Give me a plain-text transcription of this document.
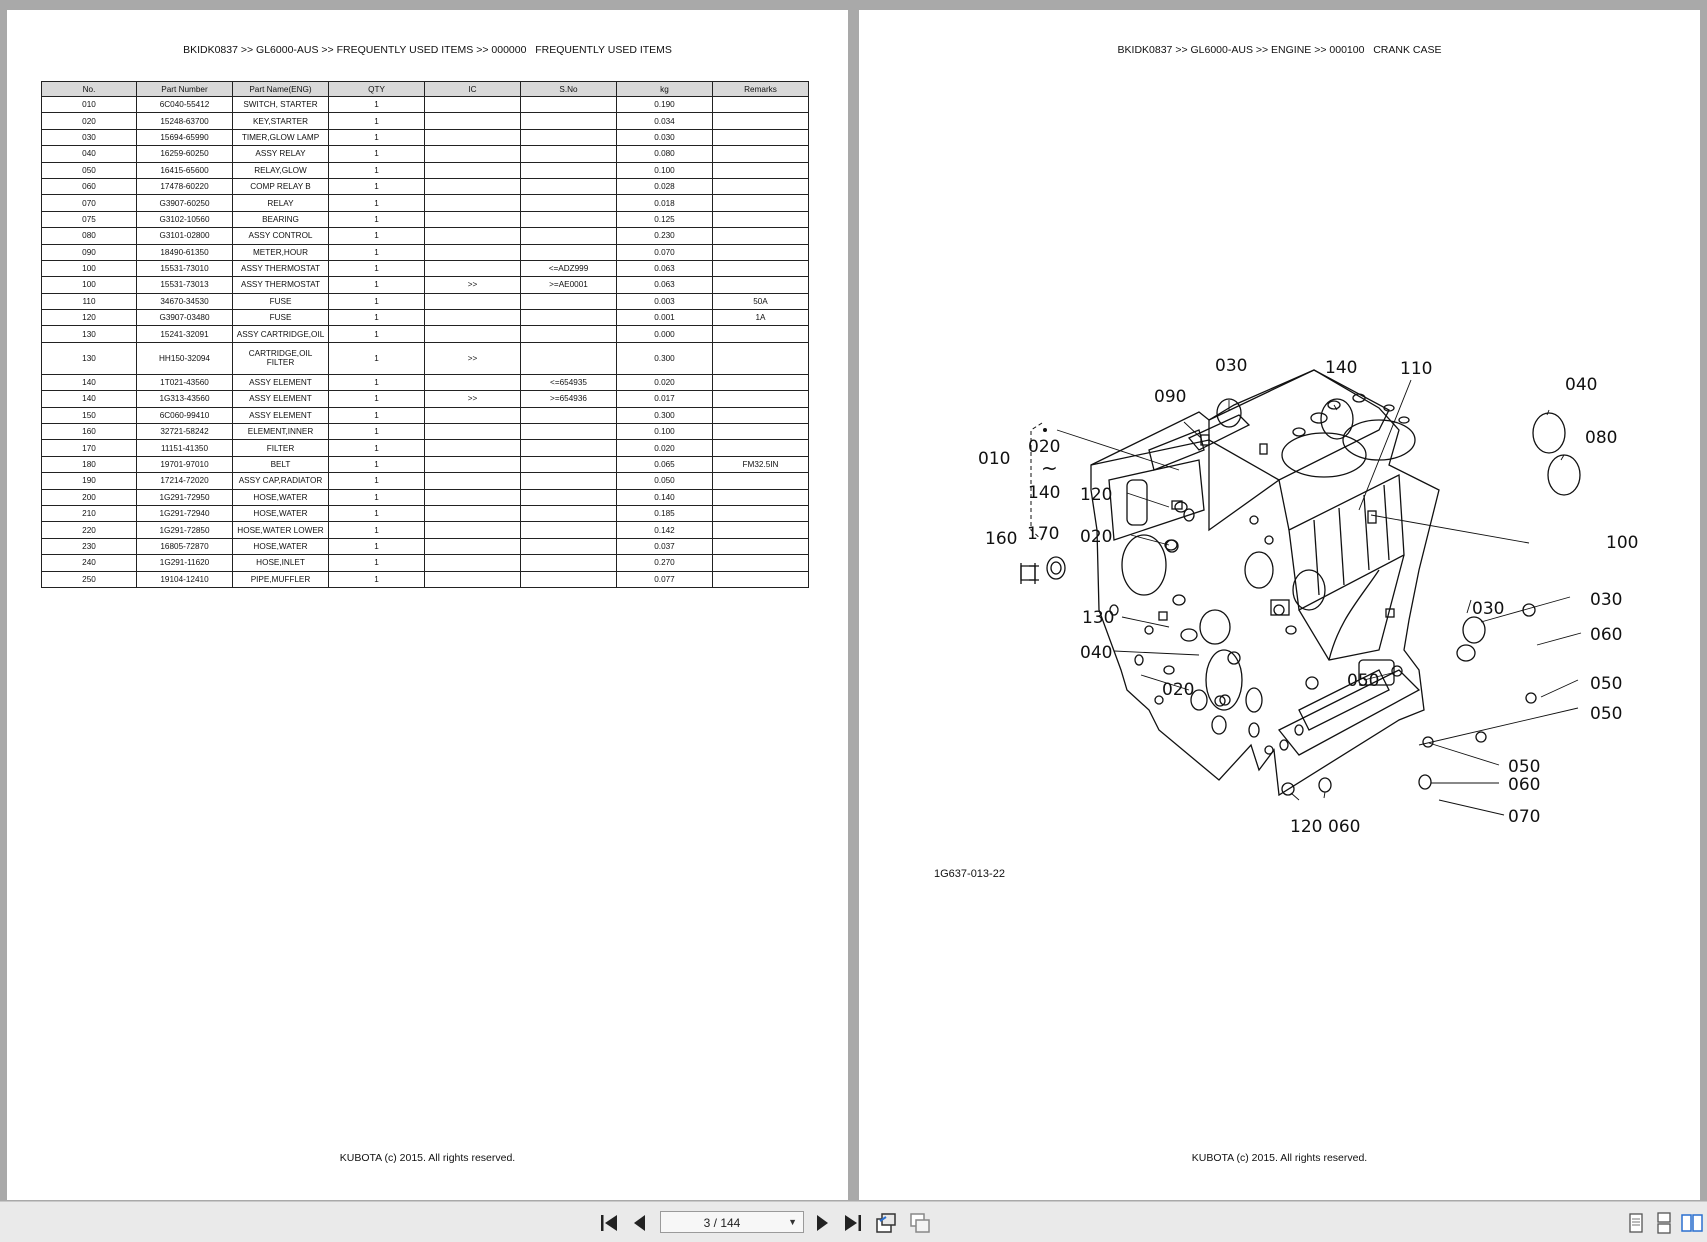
BKIDK0837 >> GL6000-AUS >> FREQUENTLY USED ITEMS >> 000000   FREQUENTLY USED ITEMS
No.	Part Number	Part Name(ENG)	QTY	IC	S.No	kg	Remarks
010	6C040-55412	SWITCH, STARTER	1			0.190	
020	15248-63700	KEY,STARTER	1			0.034	
030	15694-65990	TIMER,GLOW LAMP	1			0.030	
040	16259-60250	ASSY RELAY	1			0.080	
050	16415-65600	RELAY,GLOW	1			0.100	
060	17478-60220	COMP RELAY B	1			0.028	
070	G3907-60250	RELAY	1			0.018	
075	G3102-10560	BEARING	1			0.125	
080	G3101-02800	ASSY CONTROL	1			0.230	
090	18490-61350	METER,HOUR	1			0.070	
100	15531-73010	ASSY THERMOSTAT	1		<=ADZ999	0.063	
100	15531-73013	ASSY THERMOSTAT	1	>>	>=AE0001	0.063	
110	34670-34530	FUSE	1			0.003	50A
120	G3907-03480	FUSE	1			0.001	1A
130	15241-32091	ASSY CARTRIDGE,OIL	1			0.000	
130	HH150-32094	CARTRIDGE,OIL FILTER	1	>>		0.300	
140	1T021-43560	ASSY ELEMENT	1		<=654935	0.020	
140	1G313-43560	ASSY ELEMENT	1	>>	>=654936	0.017	
150	6C060-99410	ASSY ELEMENT	1			0.300	
160	32721-58242	ELEMENT,INNER	1			0.100	
170	11151-41350	FILTER	1			0.020	
180	19701-97010	BELT	1			0.065	FM32.5IN
190	17214-72020	ASSY CAP,RADIATOR	1			0.050	
200	1G291-72950	HOSE,WATER	1			0.140	
210	1G291-72940	HOSE,WATER	1			0.185	
220	1G291-72850	HOSE,WATER LOWER	1			0.142	
230	16805-72870	HOSE,WATER	1			0.037	
240	1G291-11620	HOSE,INLET	1			0.270	
250	19104-12410	PIPE,MUFFLER	1			0.077	
KUBOTA (c) 2015. All rights reserved.
BKIDK0837 >> GL6000-AUS >> ENGINE >> 000100   CRANK CASE
030	140	110
090
040
080
010
020
~
140 120
160 170 020	100
030
130	030
060
040
050	050
020
050
050
060
070
120 060
1G637-013-22
KUBOTA (c) 2015. All rights reserved.
3 / 144	▼
